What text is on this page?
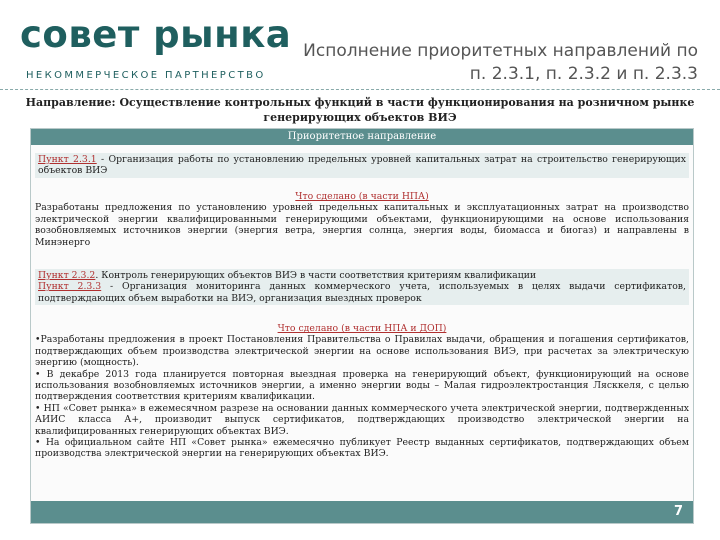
совет рынка
НЕКОММЕРЧЕСКОЕ ПАРТНЕРСТВО
Исполнение приоритетных направлений по
п. 2.3.1, п. 2.3.2 и п. 2.3.3
Направление: Осуществление контрольных функций в части функционирования на розничном рынке
генерирующих объектов ВИЭ
Приоритетное направление

Пункт 2.3.1 - Организация работы по установлению предельных уровней капитальных затрат на строительство генерирующих объектов ВИЭ

Что сделано (в части НПА)

Разработаны предложения по установлению уровней предельных капитальных и эксплуатационных затрат на производство электрической энергии квалифицированными генерирующими объектами, функционирующими на основе использования возобновляемых источников энергии (энергия ветра, энергия солнца, энергия воды, биомасса и биогаз) и направлены в Минэнерго

Пункт 2.3.2. Контроль генерирующих объектов ВИЭ в части соответствия критериям квалификации

Пункт 2.3.3 - Организация мониторинга данных коммерческого учета, используемых в целях выдачи сертификатов, подтверждающих объем выработки на ВИЭ, организация выездных проверок

Что сделано (в части НПА и ДОП)

•Разработаны предложения в проект Постановления Правительства о Правилах выдачи, обращения и погашения сертификатов, подтверждающих объем производства электрической энергии на основе использования ВИЭ, при расчетах за электрическую энергию (мощность).

• В декабре 2013 года планируется повторная выездная проверка на генерирующий объект, функционирующий на основе использования возобновляемых источников энергии, а именно энергии воды – Малая гидроэлектростанция Лясккеля, с целью подтверждения соответствия критериям квалификации.

• НП «Совет рынка» в ежемесячном разрезе на основании данных коммерческого учета электрической энергии, подтвержденных АИИС класса А+, производит выпуск сертификатов, подтверждающих производство электрической энергии на квалифицированных генерирующих объектах ВИЭ.

• На официальном сайте НП «Совет рынка» ежемесячно публикует Реестр выданных сертификатов, подтверждающих объем производства электрической энергии на генерирующих объектах ВИЭ.

7
